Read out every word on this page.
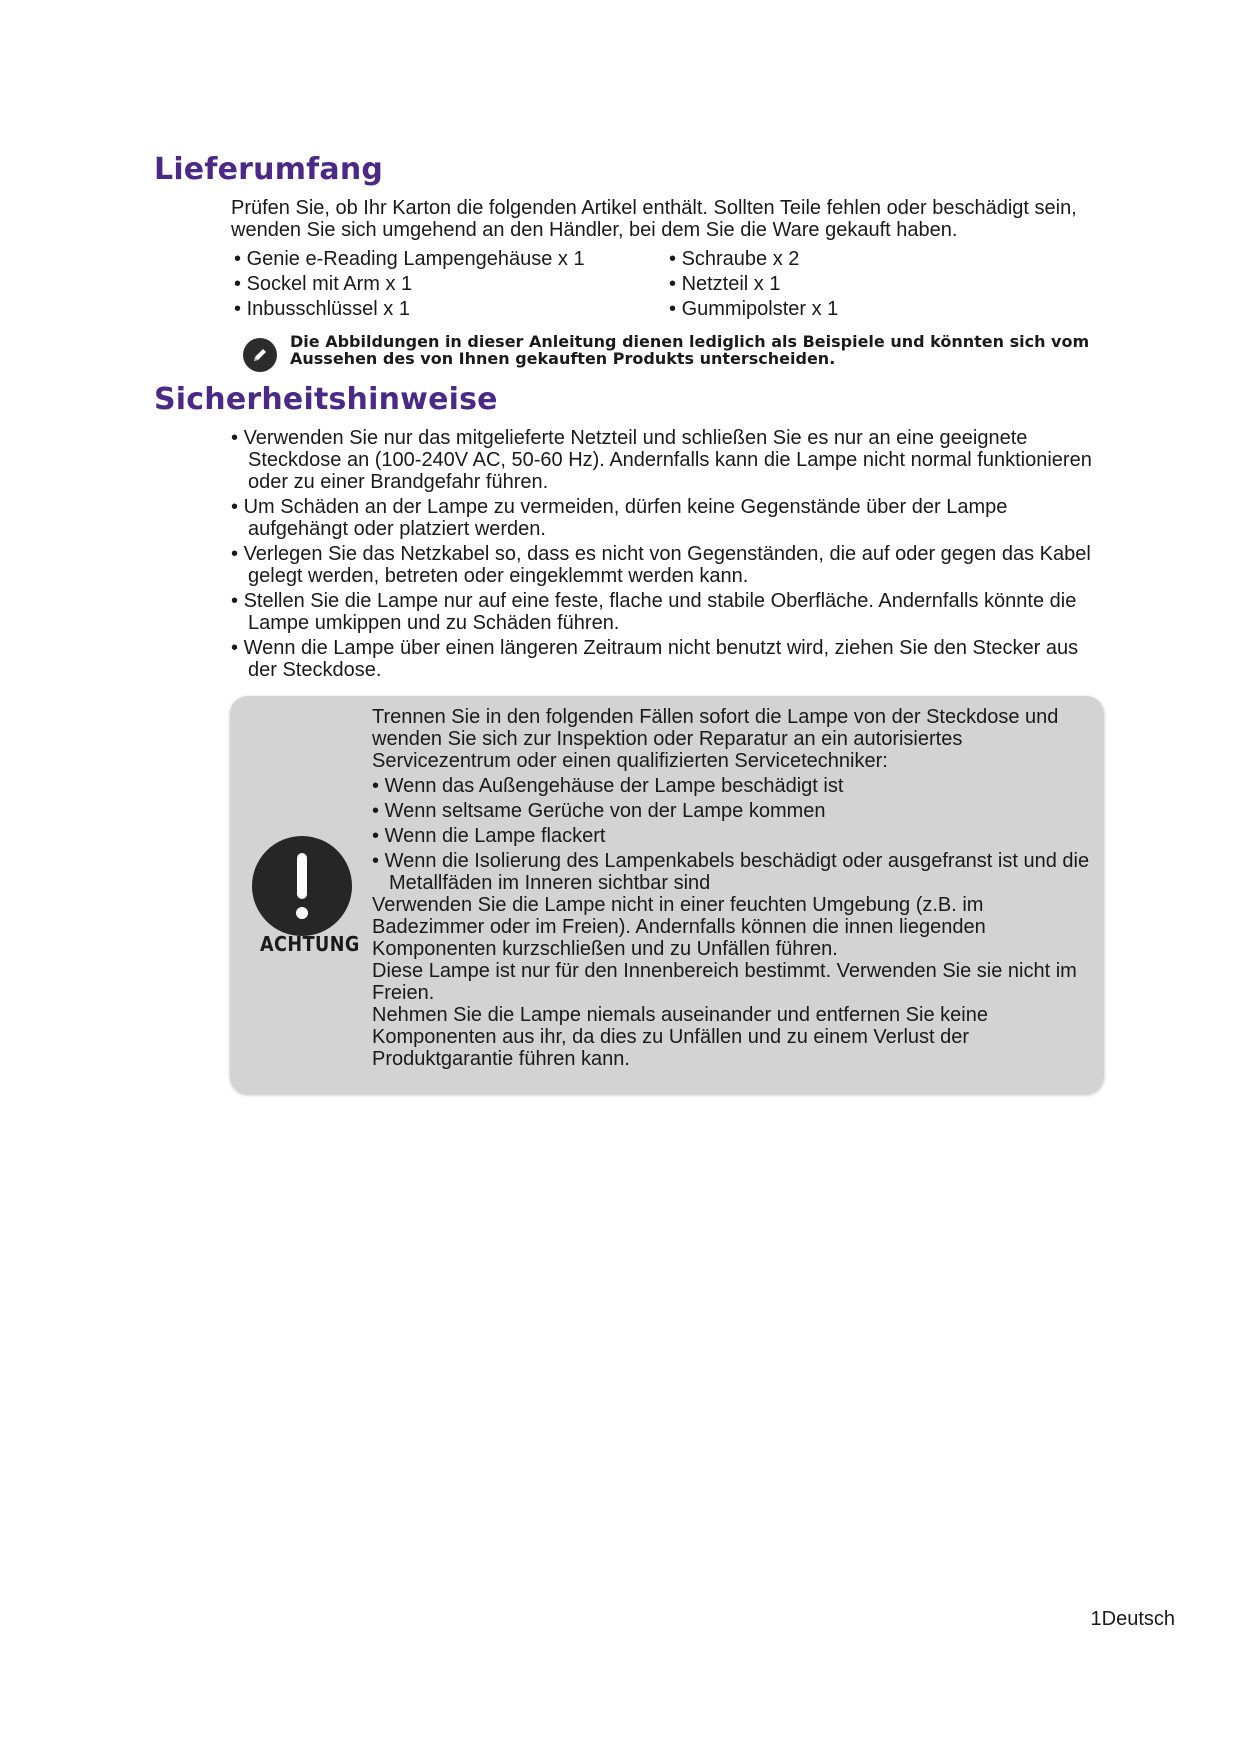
Lieferumfang

Prüfen Sie, ob Ihr Karton die folgenden Artikel enthält. Sollten Teile fehlen oder beschädigt sein, wenden Sie sich umgehend an den Händler, bei dem Sie die Ware gekauft haben.

• Genie e-Reading Lampengehäuse x 1	• Schraube x 2
• Sockel mit Arm x 1	• Netzteil x 1
• Inbusschlüssel x 1	• Gummipolster x 1

Die Abbildungen in dieser Anleitung dienen lediglich als Beispiele und könnten sich vom Aussehen des von Ihnen gekauften Produkts unterscheiden.

Sicherheitshinweise
• Verwenden Sie nur das mitgelieferte Netzteil und schließen Sie es nur an eine geeignete Steckdose an (100-240V AC, 50-60 Hz). Andernfalls kann die Lampe nicht normal funktionieren oder zu einer Brandgefahr führen.
• Um Schäden an der Lampe zu vermeiden, dürfen keine Gegenstände über der Lampe aufgehängt oder platziert werden.
• Verlegen Sie das Netzkabel so, dass es nicht von Gegenständen, die auf oder gegen das Kabel gelegt werden, betreten oder eingeklemmt werden kann.
• Stellen Sie die Lampe nur auf eine feste, flache und stabile Oberfläche. Andernfalls könnte die Lampe umkippen und zu Schäden führen.
• Wenn die Lampe über einen längeren Zeitraum nicht benutzt wird, ziehen Sie den Stecker aus der Steckdose.
ACHTUNG

Trennen Sie in den folgenden Fällen sofort die Lampe von der Steckdose und wenden Sie sich zur Inspektion oder Reparatur an ein autorisiertes Servicezentrum oder einen qualifizierten Servicetechniker:

• Wenn das Außengehäuse der Lampe beschädigt ist
• Wenn seltsame Gerüche von der Lampe kommen
• Wenn die Lampe flackert
• Wenn die Isolierung des Lampenkabels beschädigt oder ausgefranst ist und die Metallfäden im Inneren sichtbar sind

Verwenden Sie die Lampe nicht in einer feuchten Umgebung (z.B. im Badezimmer oder im Freien). Andernfalls können die innen liegenden Komponenten kurzschließen und zu Unfällen führen.

Diese Lampe ist nur für den Innenbereich bestimmt. Verwenden Sie sie nicht im Freien.

Nehmen Sie die Lampe niemals auseinander und entfernen Sie keine Komponenten aus ihr, da dies zu Unfällen und zu einem Verlust der Produktgarantie führen kann.

1Deutsch
